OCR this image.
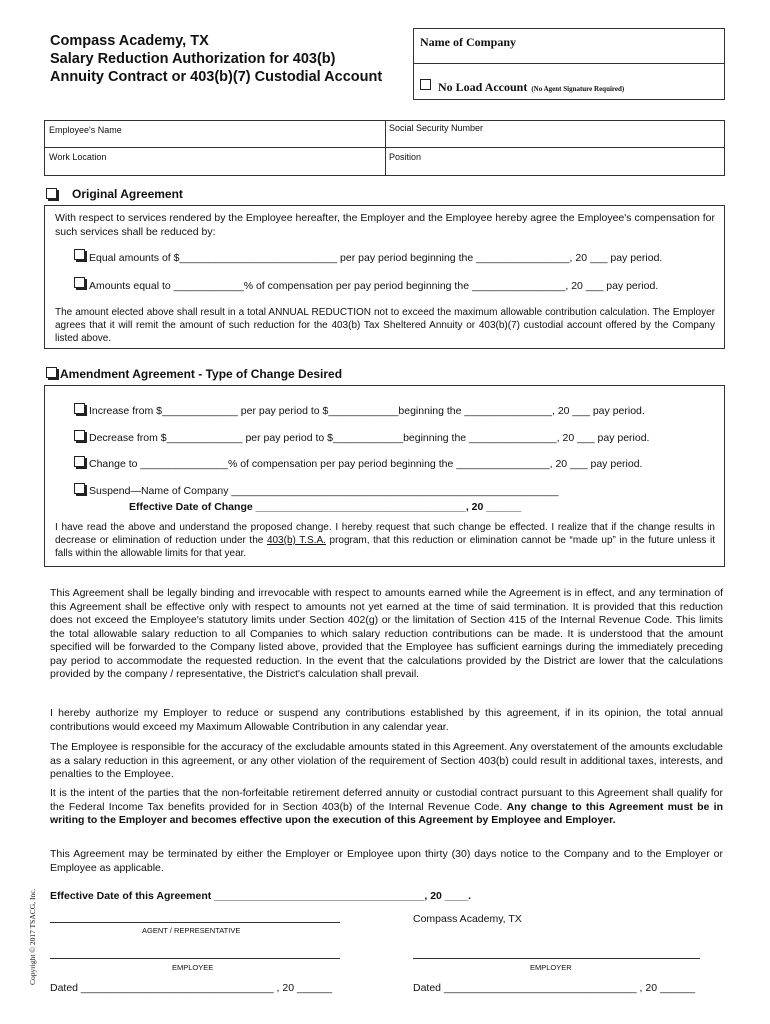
Compass Academy, TX
Salary Reduction Authorization for 403(b)
Annuity Contract or 403(b)(7) Custodial Account
Name of Company
No Load Account (No Agent Signature Required)
Employee's Name	Social Security Number
Work Location	Position
Original Agreement
With respect to services rendered by the Employee hereafter, the Employer and the Employee hereby agree the Employee's compensation for such services shall be reduced by:
Equal amounts of $___________________________ per pay period beginning the ________________, 20 ___ pay period.
Amounts equal to ____________% of compensation per pay period beginning the ________________, 20 ___ pay period.
The amount elected above shall result in a total ANNUAL REDUCTION not to exceed the maximum allowable contribution calculation. The Employer agrees that it will remit the amount of such reduction for the 403(b) Tax Sheltered Annuity or 403(b)(7) custodial account offered by the Company listed above.
Amendment Agreement - Type of Change Desired
Increase from $_____________ per pay period to $____________beginning the _______________, 20 ___ pay period.
Decrease from $_____________ per pay period to $____________beginning the _______________, 20 ___ pay period.
Change to _______________% of compensation per pay period beginning the ________________, 20 ___ pay period.
Suspend—Name of Company ________________________________________________________
Effective Date of Change ____________________________________, 20 ______
I have read the above and understand the proposed change. I hereby request that such change be effected. I realize that if the change results in decrease or elimination of reduction under the 403(b) T.S.A. program, that this reduction or elimination cannot be “made up” in the future unless it falls within the allowable limits for that year.
This Agreement shall be legally binding and irrevocable with respect to amounts earned while the Agreement is in effect, and any termination of this Agreement shall be effective only with respect to amounts not yet earned at the time of said termination. It is provided that this reduction does not exceed the Employee's statutory limits under Section 402(g) or the limitation of Section 415 of the Internal Revenue Code. This limits the total allowable salary reduction to all Companies to which salary reduction contributions can be made. It is understood that the amount specified will be forwarded to the Company listed above, provided that the Employee has sufficient earnings during the immediately preceding pay period to accommodate the requested reduction. In the event that the calculations provided by the District are lower that the calculations provided by the company / representative, the District's calculation shall prevail.
I hereby authorize my Employer to reduce or suspend any contributions established by this agreement, if in its opinion, the total annual contributions would exceed my Maximum Allowable Contribution in any calendar year.
The Employee is responsible for the accuracy of the excludable amounts stated in this Agreement. Any overstatement of the amounts excludable as a salary reduction in this agreement, or any other violation of the requirement of Section 403(b) could result in additional taxes, interests, and penalties to the Employee.
It is the intent of the parties that the non-forfeitable retirement deferred annuity or custodial contract pursuant to this Agreement shall qualify for the Federal Income Tax benefits provided for in Section 403(b) of the Internal Revenue Code. Any change to this Agreement must be in writing to the Employer and becomes effective upon the execution of this Agreement by Employee and Employer.
This Agreement may be terminated by either the Employer or Employee upon thirty (30) days notice to the Company and to the Employer or Employee as applicable.
Effective Date of this Agreement ____________________________________, 20 ____.
Compass Academy, TX
AGENT / REPRESENTATIVE
EMPLOYEE	EMPLOYER
Dated _________________________________ , 20 ______	Dated _________________________________ , 20 ______
Copyright © 2017 TSACG, Inc.
